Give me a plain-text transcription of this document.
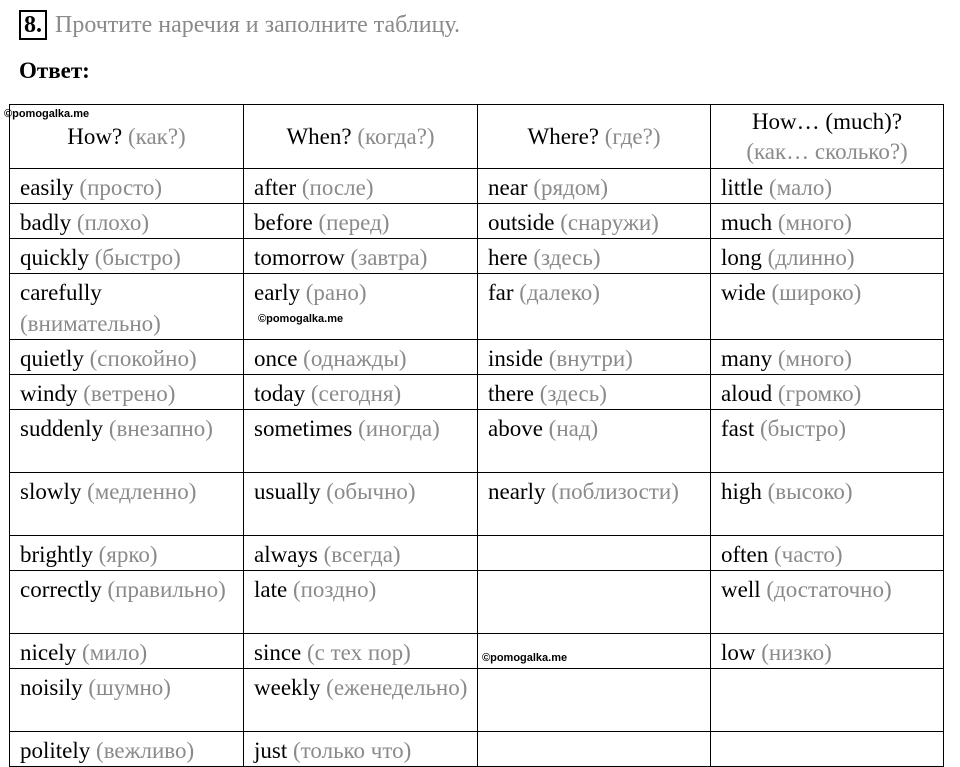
8. Прочтите наречия и заполните таблицу.
Ответ:
How? (как?)	When? (когда?)	Where? (где?)	How… (much)?
(как… сколько?)
easily (просто)	after (после)	near (рядом)	little (мало)
badly (плохо)	before (перед)	outside (снаружи)	much (много)
quickly (быстро)	tomorrow (завтра)	here (здесь)	long (длинно)
carefully (внимательно)	early (рано)	far (далеко)	wide (широко)
quietly (спокойно)	once (однажды)	inside (внутри)	many (много)
windy (ветрено)	today (сегодня)	there (здесь)	aloud (громко)
suddenly (внезапно)	sometimes (иногда)	above (над)	fast (быстро)
slowly (медленно)	usually (обычно)	nearly (поблизости)	high (высоко)
brightly (ярко)	always (всегда)		often (часто)
correctly (правильно)	late (поздно)		well (достаточно)
nicely (мило)	since (с тех пор)		low (низко)
noisily (шумно)	weekly (еженедельно)		
politely (вежливо)	just (только что)		
©pomogalka.me
©pomogalka.me
©pomogalka.me
